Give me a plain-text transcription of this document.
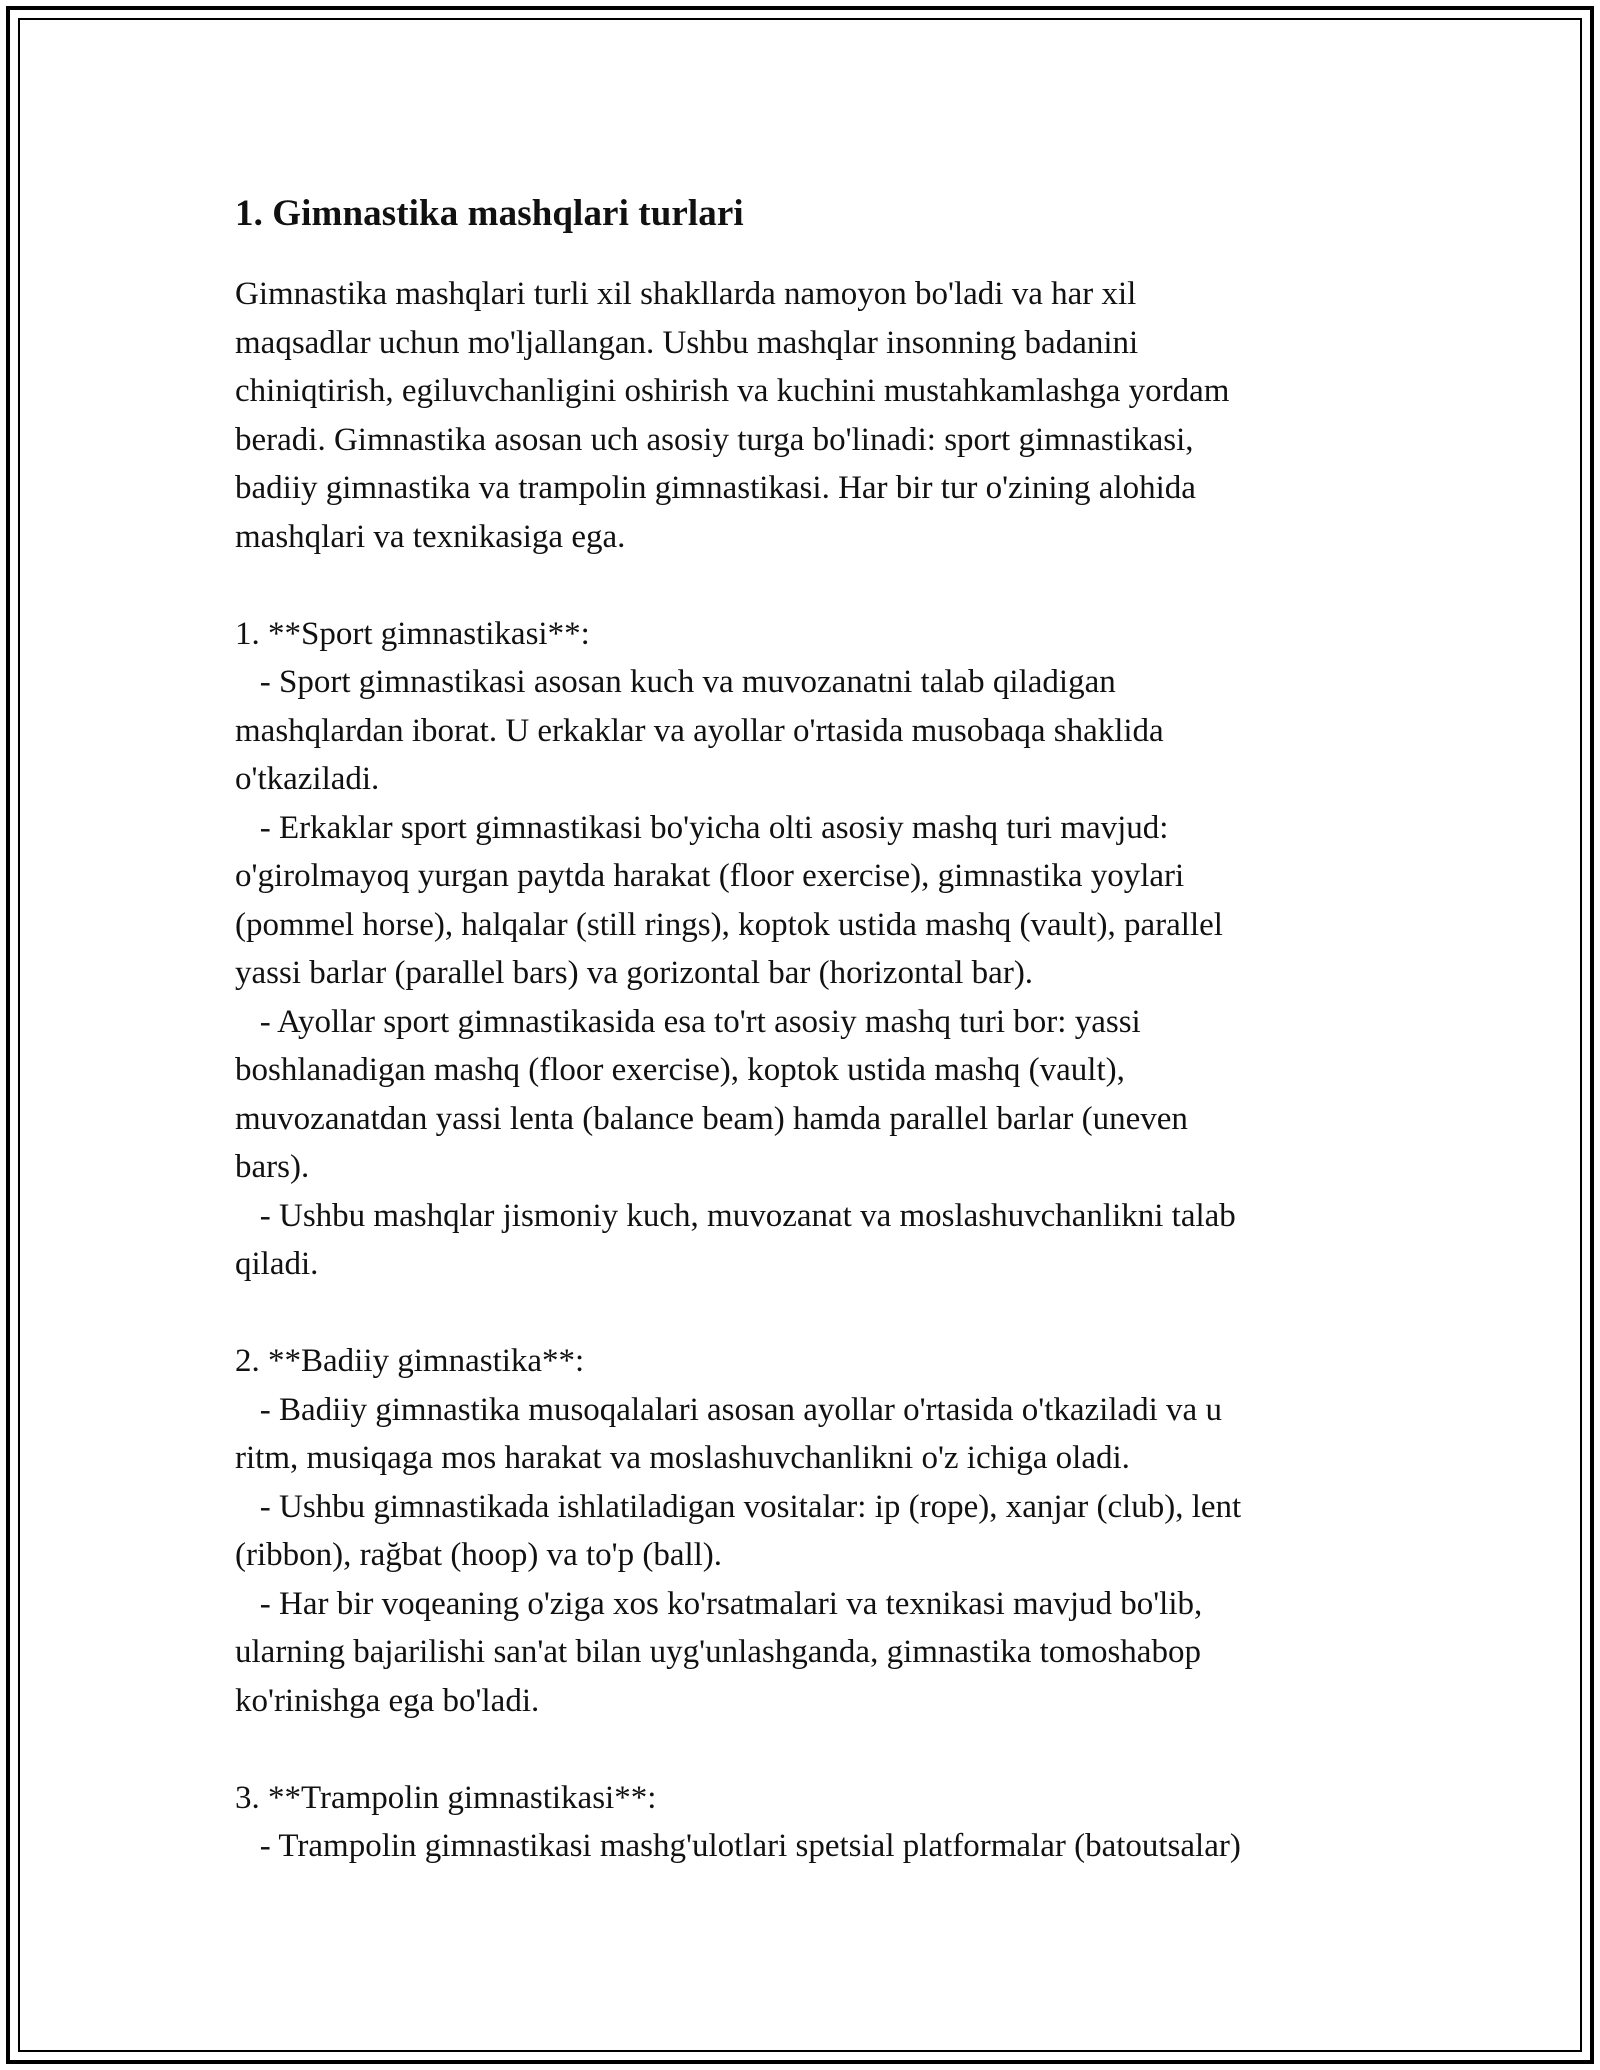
1. Gimnastika mashqlari turlari
Gimnastika mashqlari turli xil shakllarda namoyon bo'ladi va har xil
maqsadlar uchun mo'ljallangan. Ushbu mashqlar insonning badanini
chiniqtirish, egiluvchanligini oshirish va kuchini mustahkamlashga yordam
beradi. Gimnastika asosan uch asosiy turga bo'linadi: sport gimnastikasi,
badiiy gimnastika va trampolin gimnastikasi. Har bir tur o'zining alohida
mashqlari va texnikasiga ega.

1. **Sport gimnastikasi**:
- Sport gimnastikasi asosan kuch va muvozanatni talab qiladigan
mashqlardan iborat. U erkaklar va ayollar o'rtasida musobaqa shaklida
o'tkaziladi.
- Erkaklar sport gimnastikasi bo'yicha olti asosiy mashq turi mavjud:
o'girolmayoq yurgan paytda harakat (floor exercise), gimnastika yoylari
(pommel horse), halqalar (still rings), koptok ustida mashq (vault), parallel
yassi barlar (parallel bars) va gorizontal bar (horizontal bar).
- Ayollar sport gimnastikasida esa to'rt asosiy mashq turi bor: yassi
boshlanadigan mashq (floor exercise), koptok ustida mashq (vault),
muvozanatdan yassi lenta (balance beam) hamda parallel barlar (uneven
bars).
- Ushbu mashqlar jismoniy kuch, muvozanat va moslashuvchanlikni talab
qiladi.

2. **Badiiy gimnastika**:
- Badiiy gimnastika musoqalalari asosan ayollar o'rtasida o'tkaziladi va u
ritm, musiqaga mos harakat va moslashuvchanlikni o'z ichiga oladi.
- Ushbu gimnastikada ishlatiladigan vositalar: ip (rope), xanjar (club), lent
(ribbon), rağbat (hoop) va to'p (ball).
- Har bir voqeaning o'ziga xos ko'rsatmalari va texnikasi mavjud bo'lib,
ularning bajarilishi san'at bilan uyg'unlashganda, gimnastika tomoshabop
ko'rinishga ega bo'ladi.

3. **Trampolin gimnastikasi**:
- Trampolin gimnastikasi mashg'ulotlari spetsial platformalar (batoutsalar)
